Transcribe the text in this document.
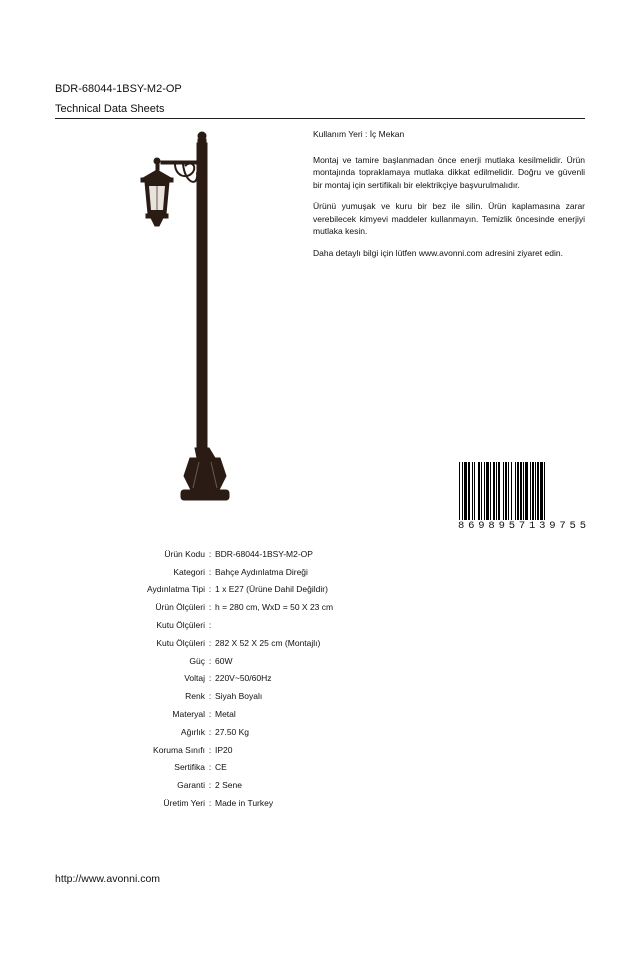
BDR-68044-1BSY-M2-OP
Technical Data Sheets

Kullanım Yeri : İç Mekan

Montaj ve tamire başlanmadan önce enerji mutlaka kesilmelidir. Ürün montajında topraklamaya mutlaka dikkat edilmelidir. Doğru ve güvenli bir montaj için sertifikalı bir elektrikçiye başvurulmalıdır.

Ürünü yumuşak ve kuru bir bez ile silin. Ürün kaplamasına zarar verebilecek kimyevi maddeler kullanmayın. Temizlik öncesinde enerjiyi mutlaka kesin.

Daha detaylı bilgi için lütfen www.avonni.com adresini ziyaret edin.

8 6 9 8 9 5 7 1 3 9 7 5 5
Ürün Kodu : BDR-68044-1BSY-M2-OP
Kategori : Bahçe Aydınlatma Direği
Aydınlatma Tipi : 1 x E27 (Ürüne Dahil Değildir)
Ürün Ölçüleri : h = 280 cm, WxD = 50 X 23 cm
Kutu Ölçüleri :
Kutu Ölçüleri : 282 X 52 X 25 cm (Montajlı)
Güç : 60W
Voltaj : 220V~50/60Hz
Renk : Siyah Boyalı
Materyal : Metal
Ağırlık : 27.50 Kg
Koruma Sınıfı : IP20
Sertifika : CE
Garanti : 2 Sene
Üretim Yeri : Made in Turkey
http://www.avonni.com
